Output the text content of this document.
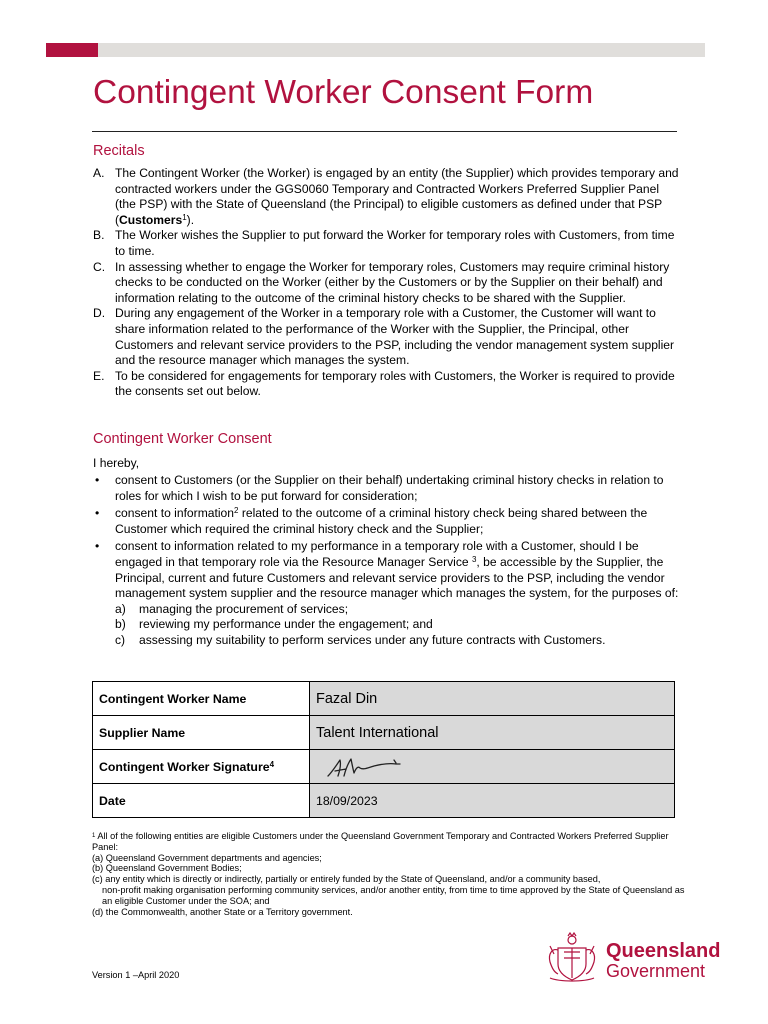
Contingent Worker Consent Form
Recitals
A. The Contingent Worker (the Worker) is engaged by an entity (the Supplier) which provides temporary and contracted workers under the GGS0060 Temporary and Contracted Workers Preferred Supplier Panel (the PSP) with the State of Queensland (the Principal) to eligible customers as defined under that PSP (Customers$^1$).
B. The Worker wishes the Supplier to put forward the Worker for temporary roles with Customers, from time to time.
C. In assessing whether to engage the Worker for temporary roles, Customers may require criminal history checks to be conducted on the Worker (either by the Customers or by the Supplier on their behalf) and information relating to the outcome of the criminal history checks to be shared with the Supplier.
D. During any engagement of the Worker in a temporary role with a Customer, the Customer will want to share information related to the performance of the Worker with the Supplier, the Principal, other Customers and relevant service providers to the PSP, including the vendor management system supplier and the resource manager which manages the system.
E. To be considered for engagements for temporary roles with Customers, the Worker is required to provide the consents set out below.
Contingent Worker Consent
I hereby,
• consent to Customers (or the Supplier on their behalf) undertaking criminal history checks in relation to roles for which I wish to be put forward for consideration;
• consent to information$^2$ related to the outcome of a criminal history check being shared between the Customer which required the criminal history check and the Supplier;
• consent to information related to my performance in a temporary role with a Customer, should I be engaged in that temporary role via the Resource Manager Service $^3$, be accessible by the Supplier, the Principal, current and future Customers and relevant service providers to the PSP, including the vendor management system supplier and the resource manager which manages the system, for the purposes of:
a) managing the procurement of services;
b) reviewing my performance under the engagement; and
c) assessing my suitability to perform services under any future contracts with Customers.
Contingent Worker Name	Fazal Din
Supplier Name	Talent International
Contingent Worker Signature$^4$	

Date	18/09/2023
$^1$ All of the following entities are eligible Customers under the Queensland Government Temporary and Contracted Workers Preferred Supplier Panel:
(a) Queensland Government departments and agencies;
(b) Queensland Government Bodies;
(c) any entity which is directly or indirectly, partially or entirely funded by the State of Queensland, and/or a community based,
non-profit making organisation performing community services, and/or another entity, from time to time approved by the State of Queensland as an eligible Customer under the SOA; and
(d) the Commonwealth, another State or a Territory government.
Version 1 –April 2020
Queensland
Government
